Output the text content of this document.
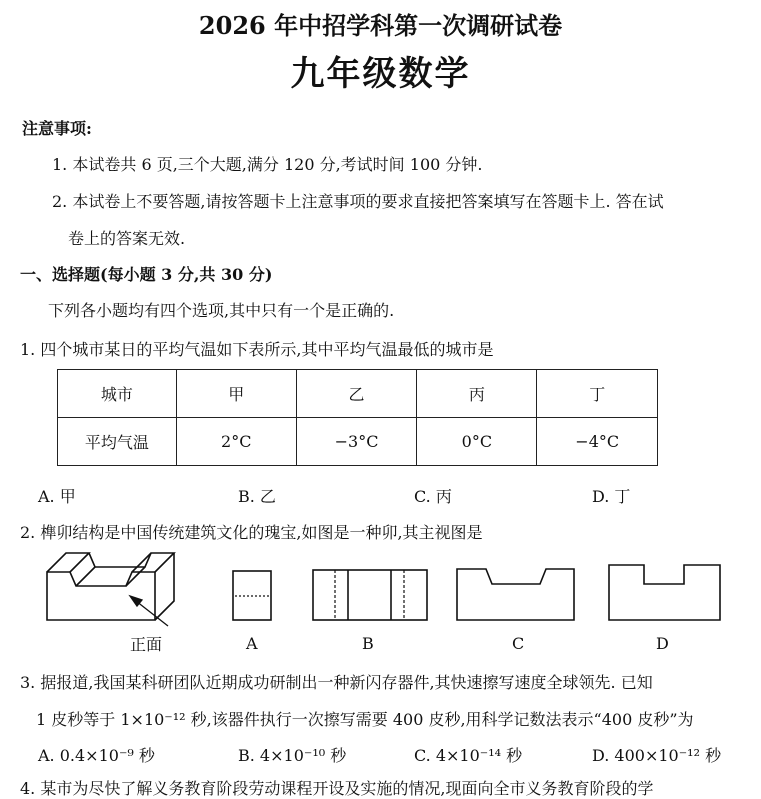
2026 年中招学科第一次调研试卷
九年级数学
注意事项:
1. 本试卷共 6 页,三个大题,满分 120 分,考试时间 100 分钟.
2. 本试卷上不要答题,请按答题卡上注意事项的要求直接把答案填写在答题卡上. 答在试
卷上的答案无效.
一、选择题(每小题 3 分,共 30 分)
下列各小题均有四个选项,其中只有一个是正确的.
1. 四个城市某日的平均气温如下表所示,其中平均气温最低的城市是
城市	甲	乙	丙	丁
平均气温	2°C	−3°C	0°C	−4°C
A. 甲	B. 乙	C. 丙	D. 丁
2. 榫卯结构是中国传统建筑文化的瑰宝,如图是一种卯,其主视图是
正面	A	B	C	D
3. 据报道,我国某科研团队近期成功研制出一种新闪存器件,其快速擦写速度全球领先. 已知
1 皮秒等于 1×10⁻¹² 秒,该器件执行一次擦写需要 400 皮秒,用科学记数法表示“400 皮秒”为
A. 0.4×10⁻⁹ 秒	B. 4×10⁻¹⁰ 秒	C. 4×10⁻¹⁴ 秒	D. 400×10⁻¹² 秒
4. 某市为尽快了解义务教育阶段劳动课程开设及实施的情况,现面向全市义务教育阶段的学
